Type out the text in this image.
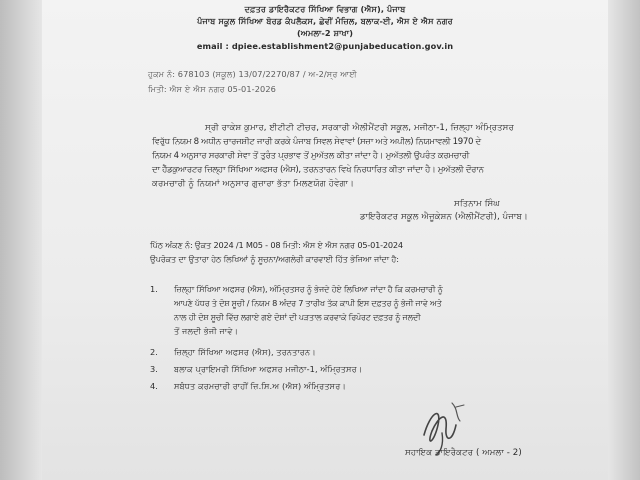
ਦਫ਼ਤਰ ਡਾਇਰੈਕਟਰ ਸਿੱਖਿਆ ਵਿਭਾਗ (ਐਸ), ਪੰਜਾਬ
ਪੰਜਾਬ ਸਕੂਲ ਸਿੱਖਿਆ ਬੋਰਡ ਕੰਪਲੈਕਸ, ਛੇਵੀਂ ਮੰਜ਼ਿਲ, ਬਲਾਕ-ਈ, ਐਸ ਏ ਐਸ ਨਗਰ
(ਅਮਲਾ-2 ਸ਼ਾਖਾ)
email : dpiee.establishment2@punjabeducation.gov.in
ਹੁਕਮ ਨੰ: 678103 (ਸਕੂਲ) 13/07/2270/87 / ਅ-2/ਸ੍ਰ ਆਈ
ਮਿਤੀ: ਐਸ ਏ ਐਸ ਨਗਰ 05-01-2026
ਸ੍ਰੀ ਰਾਕੇਸ਼ ਕੁਮਾਰ, ਈਟੀਟੀ ਟੀਚਰ, ਸਰਕਾਰੀ ਐਲੀਮੈਂਟਰੀ ਸਕੂਲ, ਮਜੀਠਾ-1, ਜ਼ਿਲ੍ਹਾ ਅੰਮ੍ਰਿਤਸਰ
ਵਿਰੁੱਧ ਨਿਯਮ 8 ਅਧੀਨ ਚਾਰਜਸ਼ੀਟ ਜਾਰੀ ਕਰਕੇ ਪੰਜਾਬ ਸਿਵਲ ਸੇਵਾਵਾਂ (ਸਜ਼ਾ ਅਤੇ ਅਪੀਲ) ਨਿਯਮਾਵਲੀ 1970 ਦੇ
ਨਿਯਮ 4 ਅਨੁਸਾਰ ਸਰਕਾਰੀ ਸੇਵਾ ਤੋਂ ਤੁਰੰਤ ਪ੍ਰਭਾਵ ਤੋਂ ਮੁਅੱਤਲ ਕੀਤਾ ਜਾਂਦਾ ਹੈ। ਮੁਅੱਤਲੀ ਉਪਰੰਤ ਕਰਮਚਾਰੀ
ਦਾ ਹੈੱਡਕੁਆਰਟਰ ਜ਼ਿਲ੍ਹਾ ਸਿੱਖਿਆ ਅਫਸਰ (ਐਸ), ਤਰਨਤਾਰਨ ਵਿਖੇ ਨਿਰਧਾਰਿਤ ਕੀਤਾ ਜਾਂਦਾ ਹੈ। ਮੁਅੱਤਲੀ ਦੌਰਾਨ
ਕਰਮਚਾਰੀ ਨੂੰ ਨਿਯਮਾਂ ਅਨੁਸਾਰ ਗੁਜ਼ਾਰਾ ਭੱਤਾ ਮਿਲਣਯੋਗ ਹੋਵੇਗਾ।
ਸਤਿਨਾਮ ਸਿੰਘ
ਡਾਇਰੈਕਟਰ ਸਕੂਲ ਐਜੂਕੇਸ਼ਨ (ਐਲੀਮੈਂਟਰੀ), ਪੰਜਾਬ।
ਪਿੱਠ ਅੰਕਣ ਨੰ: ਉਕਤ 2024 /1 M05 - 08 ਮਿਤੀ: ਐਸ ਏ ਐਸ ਨਗਰ 05-01-2024
ਉਪਰੋਕਤ ਦਾ ਉਤਾਰਾ ਹੇਠ ਲਿਖਿਆਂ ਨੂੰ ਸੂਚਨਾ/ਅਗਲੇਰੀ ਕਾਰਵਾਈ ਹਿੱਤ ਭੇਜਿਆ ਜਾਂਦਾ ਹੈ:
1. ਜ਼ਿਲ੍ਹਾ ਸਿੱਖਿਆ ਅਫਸਰ (ਐਸ), ਅੰਮ੍ਰਿਤਸਰ ਨੂੰ ਭੇਜਦੇ ਹੋਏ ਲਿਖਿਆ ਜਾਂਦਾ ਹੈ ਕਿ ਕਰਮਚਾਰੀ ਨੂੰ
ਆਪਣੇ ਪੱਧਰ ਤੇ ਦੋਸ਼ ਸੂਚੀ / ਨਿਯਮ 8 ਅੰਦਰ 7 ਤਾਰੀਖ ਤੱਕ ਕਾਪੀ ਇਸ ਦਫ਼ਤਰ ਨੂੰ ਭੇਜੀ ਜਾਵੇ ਅਤੇ
ਨਾਲ ਹੀ ਦੋਸ਼ ਸੂਚੀ ਵਿੱਚ ਲਗਾਏ ਗਏ ਦੋਸ਼ਾਂ ਦੀ ਪੜਤਾਲ ਕਰਵਾਕੇ ਰਿਪੋਰਟ ਦਫ਼ਤਰ ਨੂੰ ਜਲਦੀ
ਤੋਂ ਜਲਦੀ ਭੇਜੀ ਜਾਵੇ।
2. ਜ਼ਿਲ੍ਹਾ ਸਿੱਖਿਆ ਅਫਸਰ (ਐਸ), ਤਰਨਤਾਰਨ।
3. ਬਲਾਕ ਪ੍ਰਾਇਮਰੀ ਸਿੱਖਿਆ ਅਫਸਰ ਮਜੀਠਾ-1, ਅੰਮ੍ਰਿਤਸਰ।
4. ਸਬੰਧਤ ਕਰਮਚਾਰੀ ਰਾਹੀਂ ਜ਼ਿ.ਸਿ.ਅ (ਐਸ) ਅੰਮ੍ਰਿਤਸਰ।
ਸਹਾਇਕ ਡਾਇਰੈਕਟਰ ( ਅਮਲਾ - 2)
